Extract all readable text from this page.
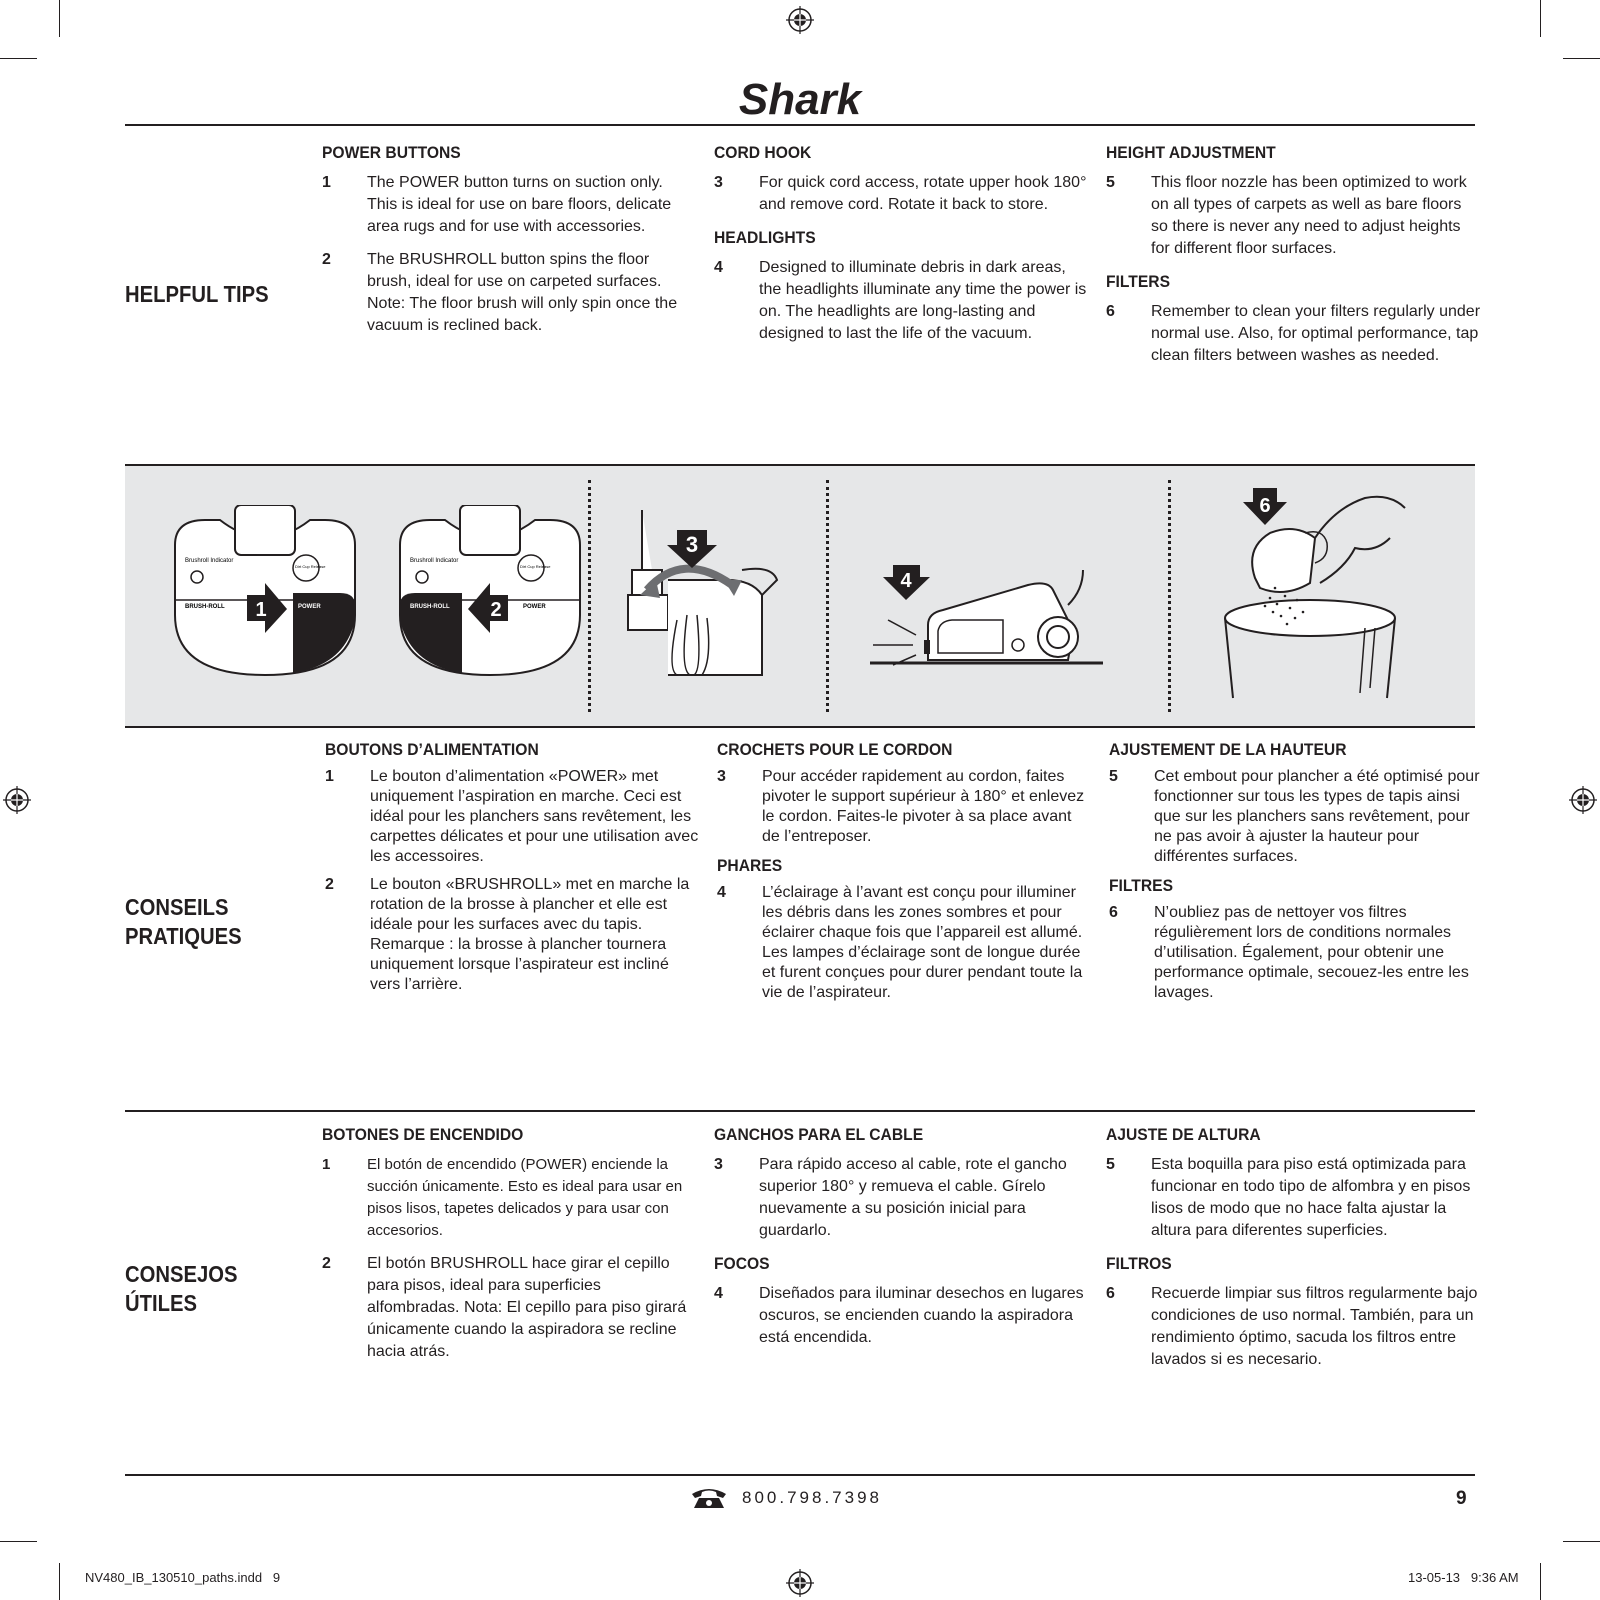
Shark
HELPFUL TIPS
POWER BUTTONS
1 The POWER button turns on suction only. This is ideal for use on bare floors, delicate area rugs and for use with accessories.
2 The BRUSHROLL button spins the floor brush, ideal for use on carpeted surfaces. Note: The floor brush will only spin once the vacuum is reclined back.
CORD HOOK
3 For quick cord access, rotate upper hook 180° and remove cord. Rotate it back to store.
HEADLIGHTS
4 Designed to illuminate debris in dark areas, the headlights illuminate any time the power is on. The headlights are long-lasting and designed to last the life of the vacuum.
HEIGHT ADJUSTMENT
5 This floor nozzle has been optimized to work on all types of carpets as well as bare floors so there is never any need to adjust heights for different floor surfaces.
FILTERS
6 Remember to clean your filters regularly under normal use. Also, for optimal performance, tap clean filters between washes as needed.
Brushroll Indicator
Dirt Cup Release
BRUSH-ROLL	POWER
1
Brushroll Indicator
Dirt Cup Release
BRUSH-ROLL	POWER
2
3
4
6
CONSEILS
PRATIQUES
BOUTONS D’ALIMENTATION
1 Le bouton d’alimentation «POWER» met uniquement l’aspiration en marche. Ceci est idéal pour les planchers sans revêtement, les carpettes délicates et pour une utilisation avec les accessoires.
2 Le bouton «BRUSHROLL» met en marche la rotation de la brosse à plancher et elle est idéale pour les surfaces avec du tapis. Remarque : la brosse à plancher tournera uniquement lorsque l’aspirateur est incliné vers l’arrière.
CROCHETS POUR LE CORDON
3 Pour accéder rapidement au cordon, faites pivoter le support supérieur à 180° et enlevez le cordon. Faites-le pivoter à sa place avant de l’entreposer.
PHARES
4 L’éclairage à l’avant est conçu pour illuminer les débris dans les zones sombres et pour éclairer chaque fois que l’appareil est allumé. Les lampes d’éclairage sont de longue durée et furent conçues pour durer pendant toute la vie de l’aspirateur.
AJUSTEMENT DE LA HAUTEUR
5 Cet embout pour plancher a été optimisé pour fonctionner sur tous les types de tapis ainsi que sur les planchers sans revêtement, pour ne pas avoir à ajuster la hauteur pour différentes surfaces.
FILTRES
6 N’oubliez pas de nettoyer vos filtres régulièrement lors de conditions normales d’utilisation. Également, pour obtenir une performance optimale, secouez-les entre les lavages.
CONSEJOS
ÚTILES
BOTONES DE ENCENDIDO
1 El botón de encendido (POWER) enciende la succión únicamente. Esto es ideal para usar en pisos lisos, tapetes delicados y para usar con accesorios.
2 El botón BRUSHROLL hace girar el cepillo para pisos, ideal para superficies alfombradas. Nota: El cepillo para piso girará únicamente cuando la aspiradora se recline hacia atrás.
GANCHOS PARA EL CABLE
3 Para rápido acceso al cable, rote el gancho superior 180° y remueva el cable. Gírelo nuevamente a su posición inicial para guardarlo.
FOCOS
4 Diseñados para iluminar desechos en lugares oscuros, se encienden cuando la aspiradora está encendida.
AJUSTE DE ALTURA
5 Esta boquilla para piso está optimizada para funcionar en todo tipo de alfombra y en pisos lisos de modo que no hace falta ajustar la altura para diferentes superficies.
FILTROS
6 Recuerde limpiar sus filtros regularmente bajo condiciones de uso normal. También, para un rendimiento óptimo, sacuda los filtros entre lavados si es necesario.
800.798.7398	9
NV480_IB_130510_paths.indd   9	13-05-13   9:36 AM
